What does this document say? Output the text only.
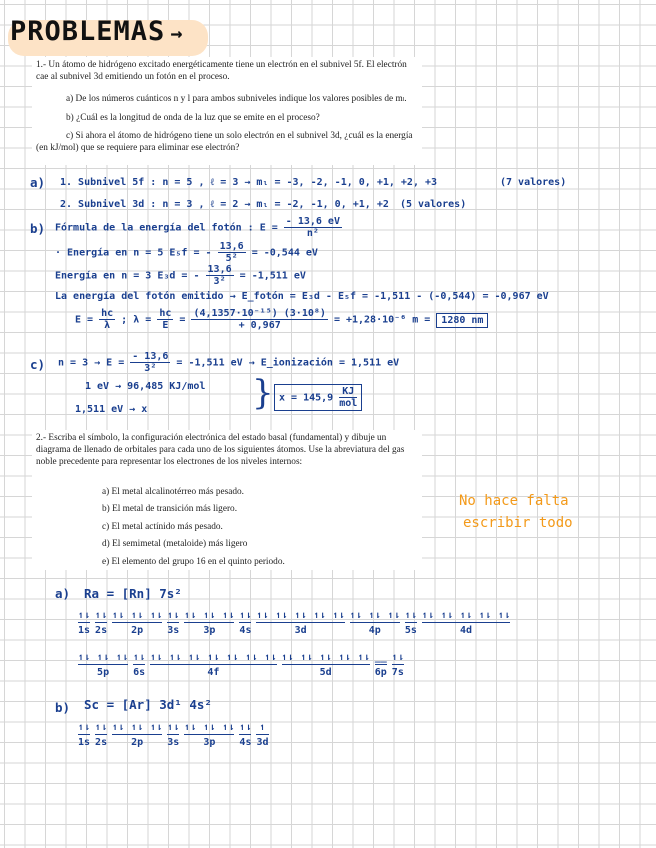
PROBLEMAS →

1.- Un átomo de hidrógeno excitado energéticamente tiene un electrón en el subnivel 5f. El electrón cae al subnivel 3d emitiendo un fotón en el proceso.

a) De los números cuánticos n y l para ambos subniveles indique los valores posibles de mₗ.

b) ¿Cuál es la longitud de onda de la luz que se emite en el proceso?

c) Si ahora el átomo de hidrógeno tiene un solo electrón en el subnivel 3d, ¿cuál es la energía (en kJ/mol) que se requiere para eliminar ese electrón?

a) 1. Subnivel 5f : n = 5 , ℓ = 3 → mₗ = -3, -2, -1, 0, +1, +2, +3	(7 valores)
2. Subnivel 3d : n = 3 , ℓ = 2 → mₗ = -2, -1, 0, +1, +2 (5 valores)
b) Fórmula de la energía del fotón : $E = \frac{- 13,6 eV}{\text{n²}}$
· Energía en n = 5 E₅f = - $\frac{13,6}{\text{5²}} = -0,544$ eV
Energía en n = 3 E₃d = - $\frac{13,6}{\text{3²}} = -1,511$ eV
La energía del fotón emitido → E_fotón = E₃d - E₅f = -1,511 - (-0,544) = -0,967 eV
$E = \frac{hc}{\lambda}$ ; $\lambda = \frac{hc}{E} = \frac{\text{(4,1357·10⁻¹⁵) (3·10⁸)}}{+ 0,967} = +1,28\cdot 10^{-6}$ m = 1280 nm
c) $n = 3 \to E = \frac{- 13,6}{\text{3²}} = -1,511$ eV → E_ionización = 1,511 eV
1 eV → 96,485 KJ/mol
1,511 eV → x	} $x = 145,9 \frac{KJ}{\text{mol}}$

2.- Escriba el símbolo, la configuración electrónica del estado basal (fundamental) y dibuje un diagrama de llenado de orbitales para cada uno de los siguientes átomos. Use la abreviatura del gas noble precedente para representar los electrones de los niveles internos:

a) El metal alcalinotérreo más pesado.
b) El metal de transición más ligero.
c) El metal actínido más pesado.
d) El semimetal (metaloide) más ligero
e) El elemento del grupo 16 en el quinto periodo.
No hace falta
escribir todo
a) Ra = [Rn] 7s²
↿⇂
1s
↿⇂
2s
↿⇂ ↿⇂ ↿⇂
2p
↿⇂
3s
↿⇂ ↿⇂ ↿⇂
3p
↿⇂
4s
↿⇂ ↿⇂ ↿⇂ ↿⇂ ↿⇂
3d
↿⇂ ↿⇂ ↿⇂
4p
↿⇂
5s
↿⇂ ↿⇂ ↿⇂ ↿⇂ ↿⇂
4d
↿⇂ ↿⇂ ↿⇂
5p
↿⇂
6s
↿⇂ ↿⇂ ↿⇂ ↿⇂ ↿⇂ ↿⇂ ↿⇂
4f
↿⇂ ↿⇂ ↿⇂ ↿⇂ ↿⇂
5d
__
6p
↿⇂
7s
b) Sc = [Ar] 3d¹ 4s²
↿⇂
1s
↿⇂
2s
↿⇂ ↿⇂ ↿⇂
2p
↿⇂
3s
↿⇂ ↿⇂ ↿⇂
3p
↿⇂
4s
↿
3d
